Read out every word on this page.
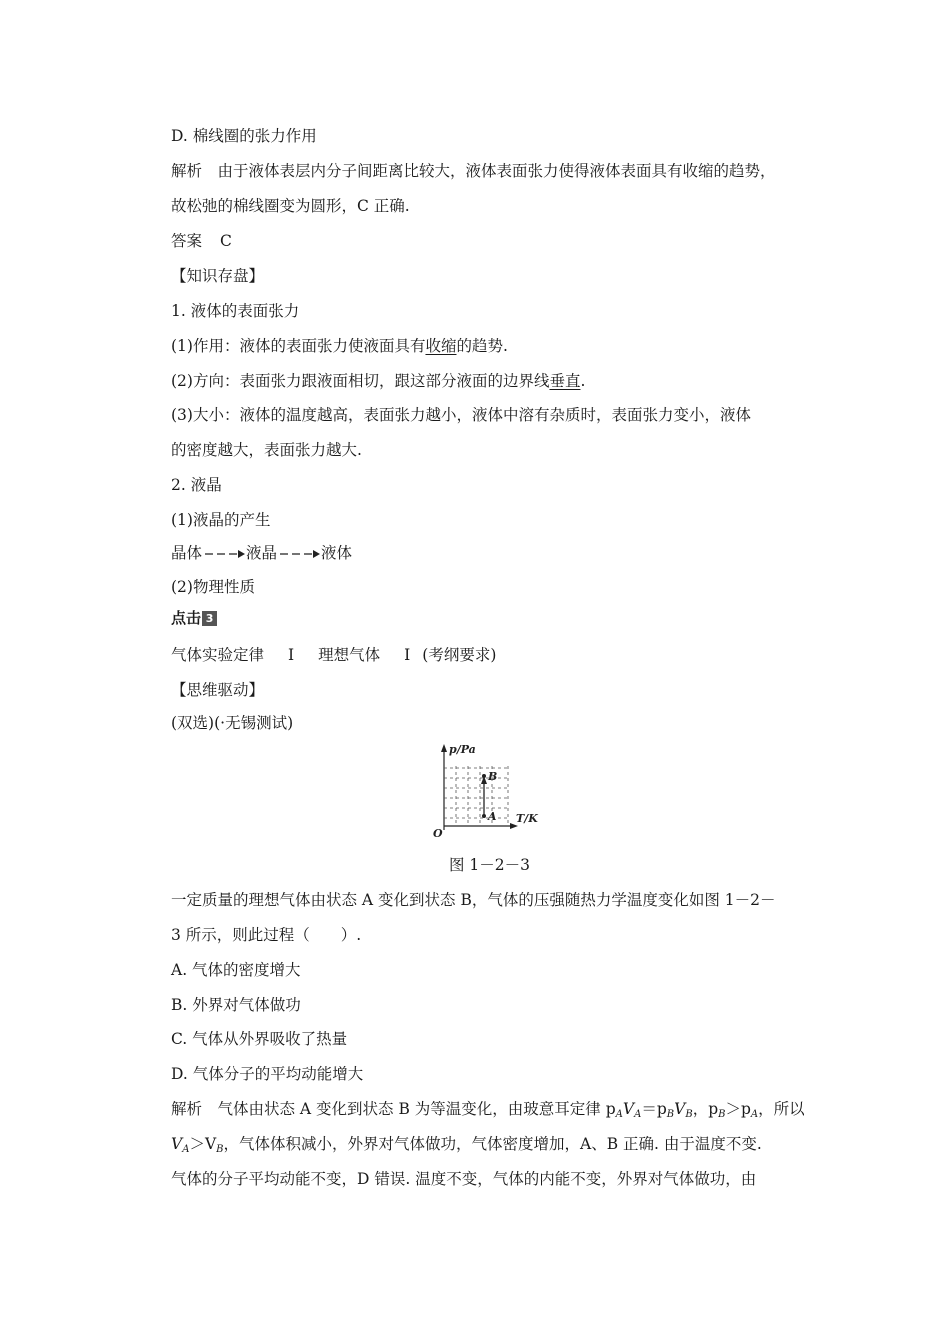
D. 棉线圈的张力作用
解析　由于液体表层内分子间距离比较大，液体表面张力使得液体表面具有收缩的趋势，
故松弛的棉线圈变为圆形，C 正确.
答案 C
【知识存盘】
1. 液体的表面张力
(1)作用：液体的表面张力使液面具有收缩的趋势.
(2)方向：表面张力跟液面相切，跟这部分液面的边界线垂直.
(3)大小：液体的温度越高，表面张力越小，液体中溶有杂质时，表面张力变小，液体
的密度越大，表面张力越大.
2. 液晶
(1)液晶的产生
晶体	液晶	液体
(2)物理性质
点击 3
气体实验定律 I 理想气体 I (考纲要求)
【思维驱动】
(双选)(·无锡测试)
p/Pa
T/K
O
B
A
图 1－2－3
一定质量的理想气体由状态 A 变化到状态 B，气体的压强随热力学温度变化如图 1－2－
3 所示，则此过程（　　）.
A. 气体的密度增大
B. 外界对气体做功
C. 气体从外界吸收了热量
D. 气体分子的平均动能增大
解析　气体由状态 A 变化到状态 B 为等温变化，由玻意耳定律 $p_AV_A=p_BV_B$，$p_B>p_A$，所以
$V_A>V_B$，气体体积减小，外界对气体做功，气体密度增加，A、B 正确. 由于温度不变.
气体的分子平均动能不变，D 错误. 温度不变，气体的内能不变，外界对气体做功，由
